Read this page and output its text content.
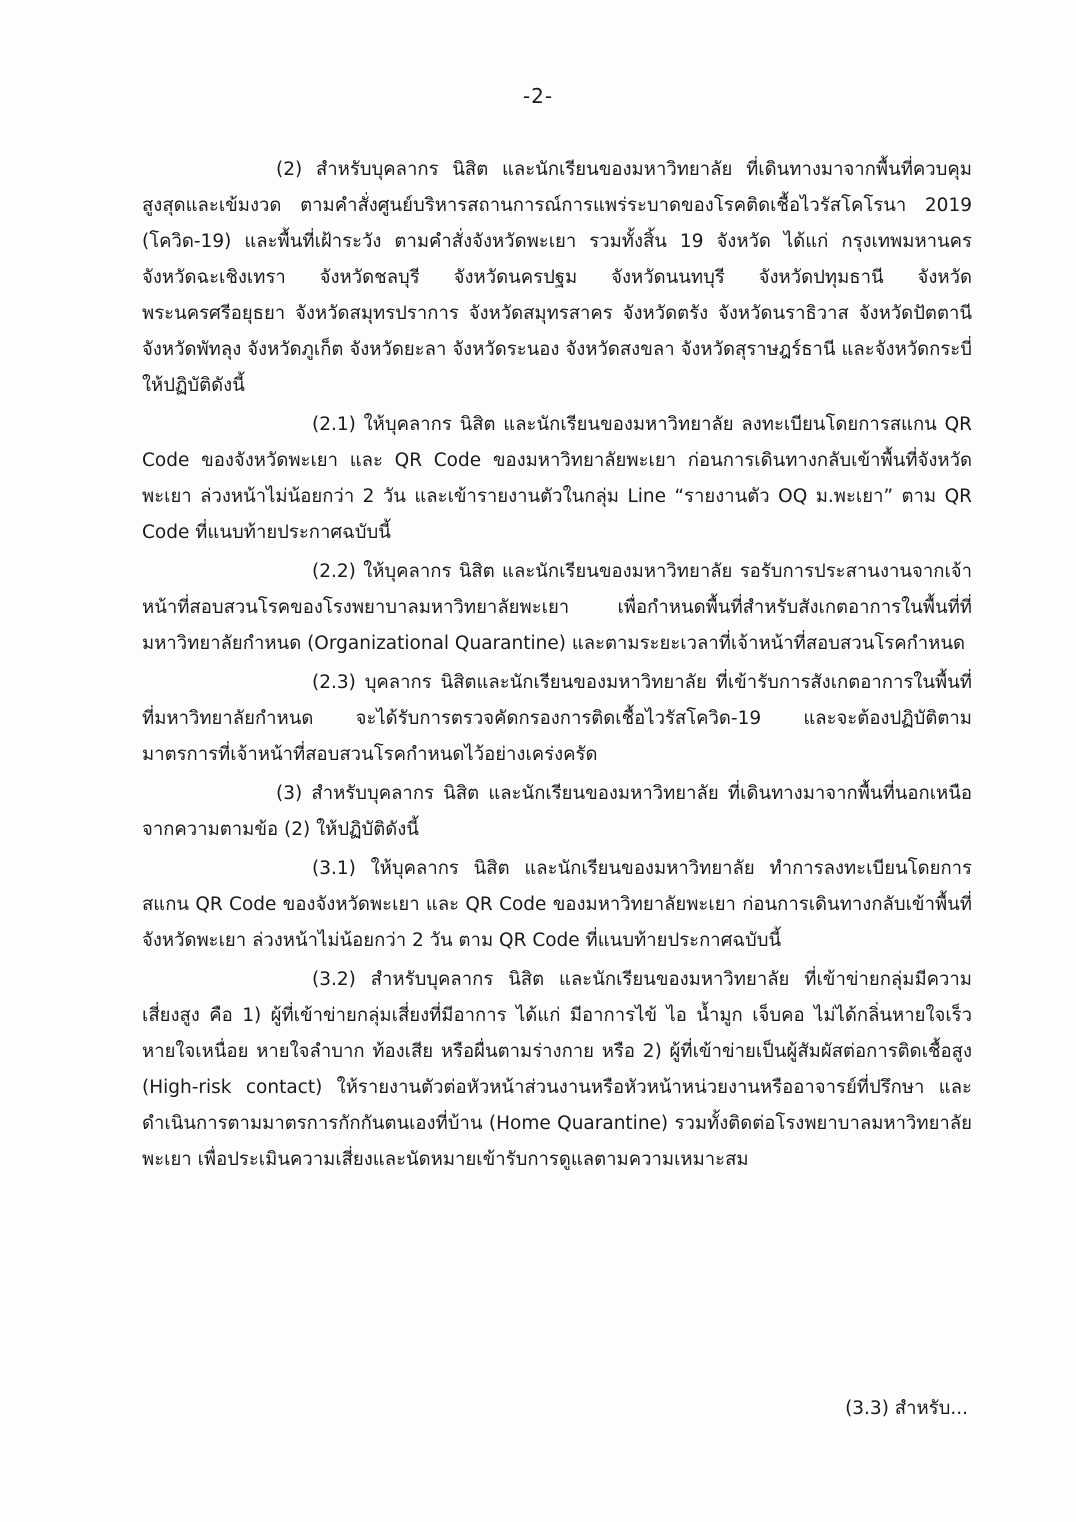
-2-

(2) สำหรับบุคลากร นิสิต และนักเรียนของมหาวิทยาลัย ที่เดินทางมาจากพื้นที่ควบคุมสูงสุดและเข้มงวด ตามคำสั่งศูนย์บริหารสถานการณ์การแพร่ระบาดของโรคติดเชื้อไวรัสโคโรนา 2019 (โควิด-19) และพื้นที่เฝ้าระวัง ตามคำสั่งจังหวัดพะเยา รวมทั้งสิ้น 19 จังหวัด ได้แก่ กรุงเทพมหานคร จังหวัดฉะเชิงเทรา จังหวัดชลบุรี จังหวัดนครปฐม จังหวัดนนทบุรี จังหวัดปทุมธานี จังหวัดพระนครศรีอยุธยา จังหวัดสมุทรปราการ จังหวัดสมุทรสาคร จังหวัดตรัง จังหวัดนราธิวาส จังหวัดปัตตานี จังหวัดพัทลุง จังหวัดภูเก็ต จังหวัดยะลา จังหวัดระนอง จังหวัดสงขลา จังหวัดสุราษฎร์ธานี และจังหวัดกระบี่ ให้ปฏิบัติดังนี้

(2.1) ให้บุคลากร นิสิต และนักเรียนของมหาวิทยาลัย ลงทะเบียนโดยการสแกน QR Code ของจังหวัดพะเยา และ QR Code ของมหาวิทยาลัยพะเยา ก่อนการเดินทางกลับเข้าพื้นที่จังหวัดพะเยา ล่วงหน้าไม่น้อยกว่า 2 วัน และเข้ารายงานตัวในกลุ่ม Line “รายงานตัว OQ ม.พะเยา” ตาม QR Code ที่แนบท้ายประกาศฉบับนี้

(2.2) ให้บุคลากร นิสิต และนักเรียนของมหาวิทยาลัย รอรับการประสานงานจากเจ้าหน้าที่สอบสวนโรคของโรงพยาบาลมหาวิทยาลัยพะเยา เพื่อกำหนดพื้นที่สำหรับสังเกตอาการในพื้นที่ที่มหาวิทยาลัยกำหนด (Organizational Quarantine) และตามระยะเวลาที่เจ้าหน้าที่สอบสวนโรคกำหนด

(2.3) บุคลากร นิสิตและนักเรียนของมหาวิทยาลัย ที่เข้ารับการสังเกตอาการในพื้นที่ที่มหาวิทยาลัยกำหนด จะได้รับการตรวจคัดกรองการติดเชื้อไวรัสโควิด-19 และจะต้องปฏิบัติตามมาตรการที่เจ้าหน้าที่สอบสวนโรคกำหนดไว้อย่างเคร่งครัด

(3) สำหรับบุคลากร นิสิต และนักเรียนของมหาวิทยาลัย ที่เดินทางมาจากพื้นที่นอกเหนือจากความตามข้อ (2) ให้ปฏิบัติดังนี้

(3.1) ให้บุคลากร นิสิต และนักเรียนของมหาวิทยาลัย ทำการลงทะเบียนโดยการสแกน QR Code ของจังหวัดพะเยา และ QR Code ของมหาวิทยาลัยพะเยา ก่อนการเดินทางกลับเข้าพื้นที่จังหวัดพะเยา ล่วงหน้าไม่น้อยกว่า 2 วัน ตาม QR Code ที่แนบท้ายประกาศฉบับนี้

(3.2) สำหรับบุคลากร นิสิต และนักเรียนของมหาวิทยาลัย ที่เข้าข่ายกลุ่มมีความเสี่ยงสูง คือ 1) ผู้ที่เข้าข่ายกลุ่มเสี่ยงที่มีอาการ ได้แก่ มีอาการไข้ ไอ น้ำมูก เจ็บคอ ไม่ได้กลิ่นหายใจเร็ว หายใจเหนื่อย หายใจลำบาก ท้องเสีย หรือผื่นตามร่างกาย หรือ 2) ผู้ที่เข้าข่ายเป็นผู้สัมผัสต่อการติดเชื้อสูง (High-risk contact) ให้รายงานตัวต่อหัวหน้าส่วนงานหรือหัวหน้าหน่วยงานหรืออาจารย์ที่ปรึกษา และดำเนินการตามมาตรการกักกันตนเองที่บ้าน (Home Quarantine) รวมทั้งติดต่อโรงพยาบาลมหาวิทยาลัยพะเยา เพื่อประเมินความเสี่ยงและนัดหมายเข้ารับการดูแลตามความเหมาะสม

(3.3) สำหรับ...
